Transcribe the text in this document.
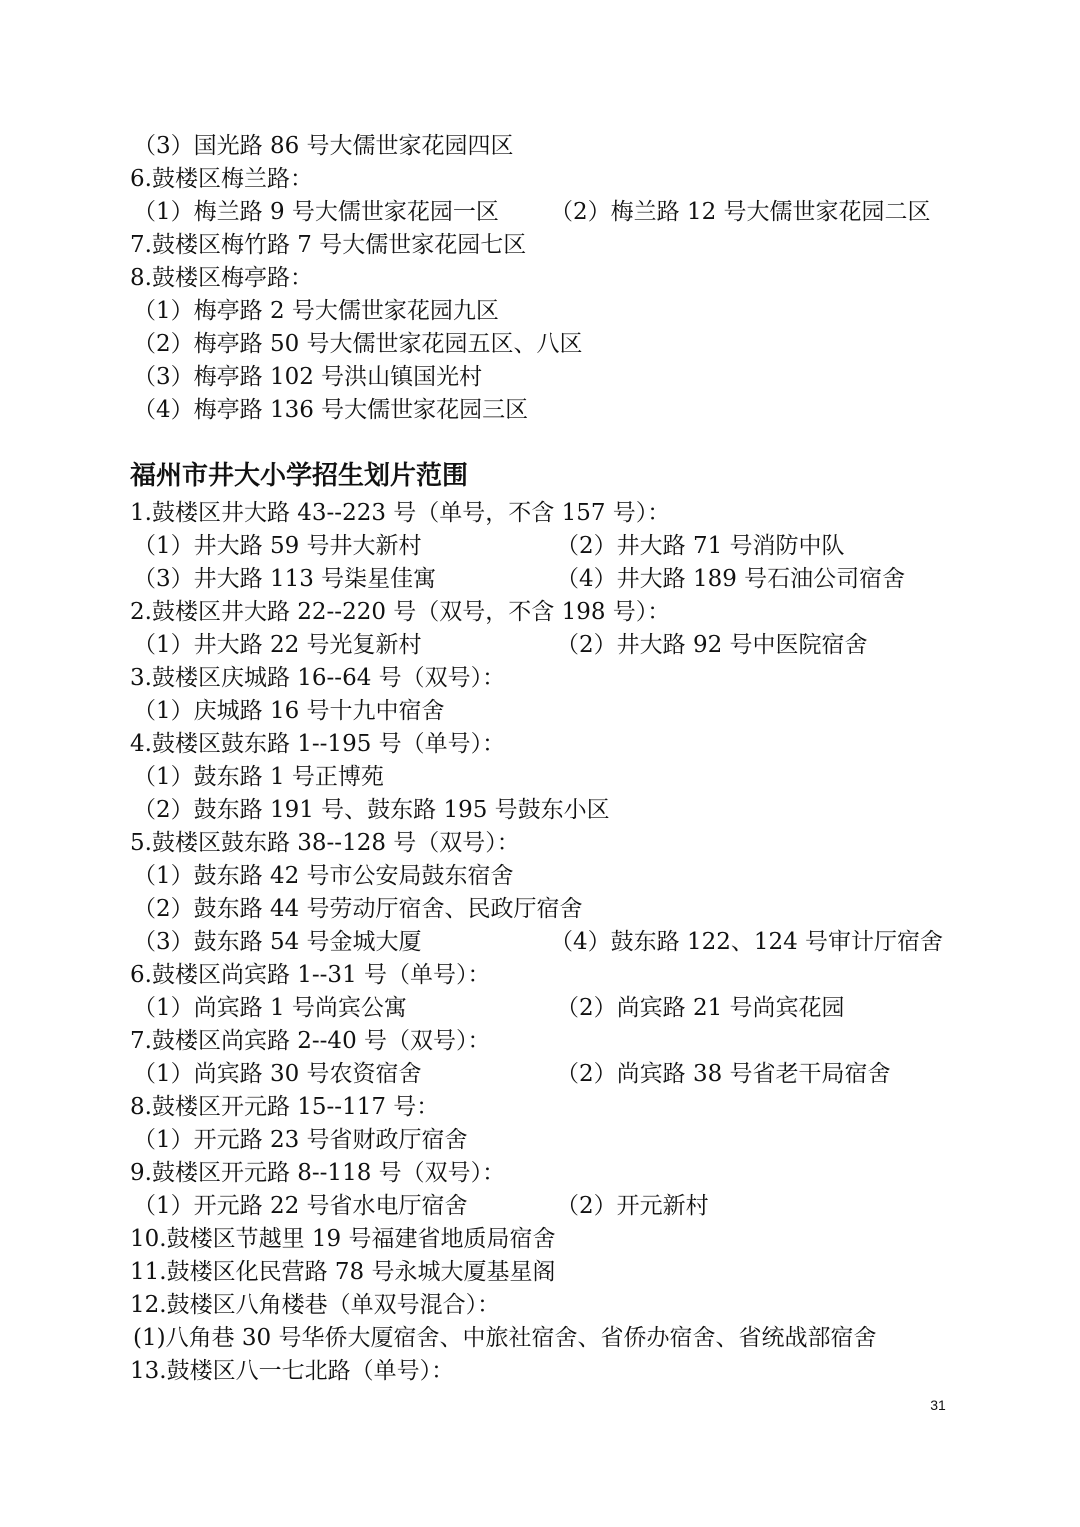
（3）国光路 86 号大儒世家花园四区
6.鼓楼区梅兰路：
（1）梅兰路 9 号大儒世家花园一区 （2）梅兰路 12 号大儒世家花园二区
7.鼓楼区梅竹路 7 号大儒世家花园七区
8.鼓楼区梅亭路：
（1）梅亭路 2 号大儒世家花园九区
（2）梅亭路 50 号大儒世家花园五区、八区
（3）梅亭路 102 号洪山镇国光村
（4）梅亭路 136 号大儒世家花园三区
福州市井大小学招生划片范围
1.鼓楼区井大路 43--223 号（单号，不含 157 号）：
（1）井大路 59 号井大新村	（2）井大路 71 号消防中队
（3）井大路 113 号柒星佳寓	（4）井大路 189 号石油公司宿舍
2.鼓楼区井大路 22--220 号（双号，不含 198 号）：
（1）井大路 22 号光复新村	（2）井大路 92 号中医院宿舍
3.鼓楼区庆城路 16--64 号（双号）：
（1）庆城路 16 号十九中宿舍
4.鼓楼区鼓东路 1--195 号（单号）：
（1）鼓东路 1 号正博苑
（2）鼓东路 191 号、鼓东路 195 号鼓东小区
5.鼓楼区鼓东路 38--128 号（双号）：
（1）鼓东路 42 号市公安局鼓东宿舍
（2）鼓东路 44 号劳动厅宿舍、民政厅宿舍
（3）鼓东路 54 号金城大厦	（4）鼓东路 122、124 号审计厅宿舍
6.鼓楼区尚宾路 1--31 号（单号）：
（1）尚宾路 1 号尚宾公寓	（2）尚宾路 21 号尚宾花园
7.鼓楼区尚宾路 2--40 号（双号）：
（1）尚宾路 30 号农资宿舍	（2）尚宾路 38 号省老干局宿舍
8.鼓楼区开元路 15--117 号：
（1）开元路 23 号省财政厅宿舍
9.鼓楼区开元路 8--118 号（双号）：
（1）开元路 22 号省水电厅宿舍	（2）开元新村
10.鼓楼区节越里 19 号福建省地质局宿舍
11.鼓楼区化民营路 78 号永城大厦基星阁
12.鼓楼区八角楼巷（单双号混合）：
(1)八角巷 30 号华侨大厦宿舍、中旅社宿舍、省侨办宿舍、省统战部宿舍
13.鼓楼区八一七北路（单号）：
31
